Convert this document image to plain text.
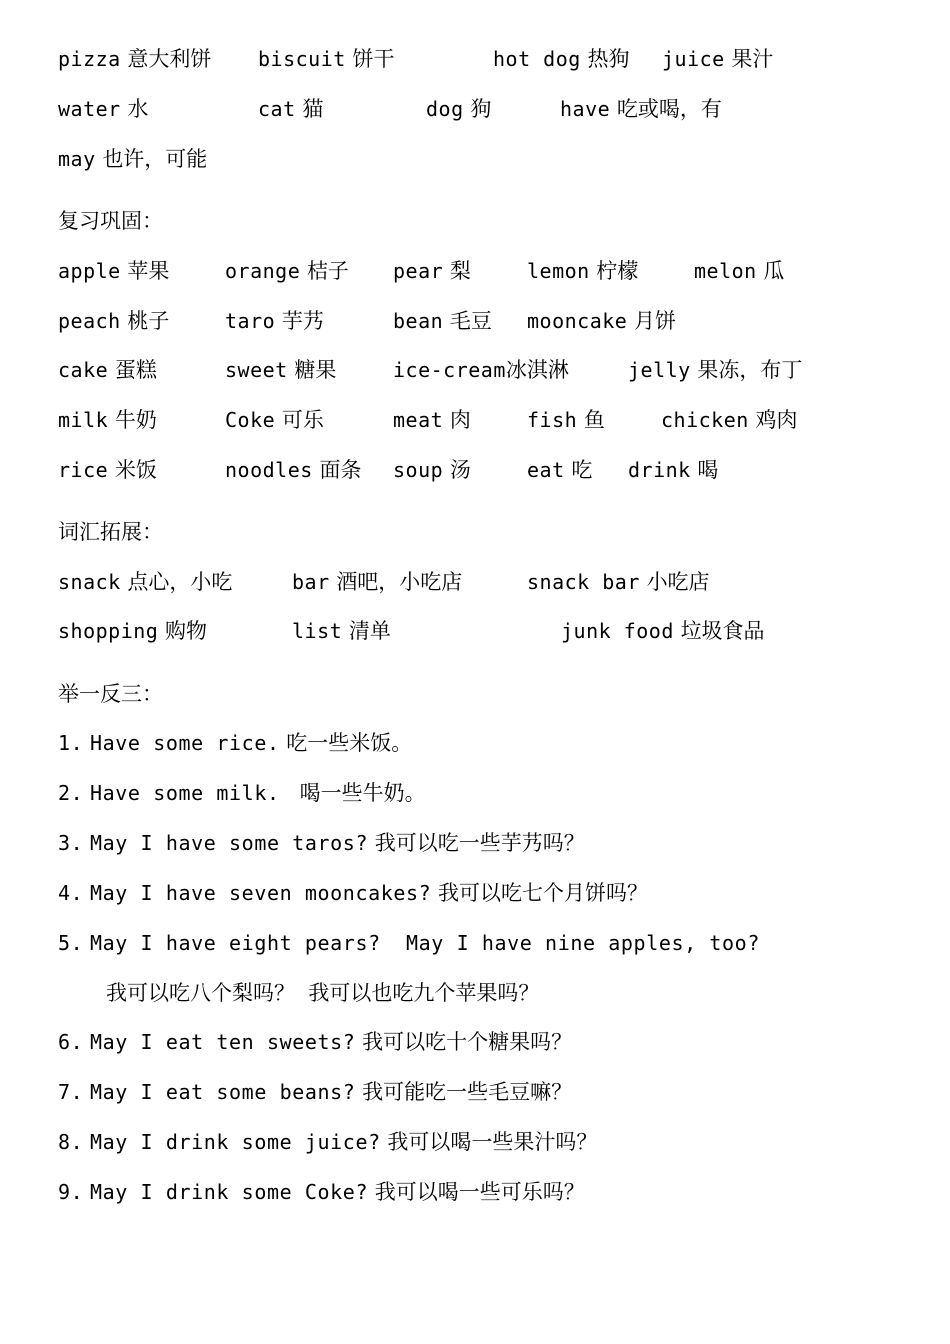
pizza 意大利饼 biscuit 饼干	hot dog 热狗 juice 果汁
water 水	cat 猫	dog 狗	have 吃或喝，有
may 也许，可能
复习巩固：
apple 苹果	orange 桔子 pear 梨	lemon 柠檬	melon 瓜
peach 桃子	taro 芋艿	bean 毛豆 mooncake 月饼
cake 蛋糕	sweet 糖果	ice-cream冰淇淋	jelly 果冻，布丁
milk 牛奶	Coke 可乐	meat 肉	fish 鱼	chicken 鸡肉
rice 米饭	noodles 面条 soup 汤	eat 吃 drink 喝
词汇拓展：
snack 点心，小吃	bar 酒吧，小吃店	snack bar 小吃店
shopping 购物	list 清单	junk food 垃圾食品
举一反三：
1. Have some rice. 吃一些米饭。
2. Have some milk. 喝一些牛奶。
3. May I have some taros? 我可以吃一些芋艿吗？
4. May I have seven mooncakes? 我可以吃七个月饼吗？
5. May I have eight pears?  May I have nine apples, too?
我可以吃八个梨吗？  我可以也吃九个苹果吗？
6. May I eat ten sweets? 我可以吃十个糖果吗？
7. May I eat some beans? 我可能吃一些毛豆嘛？
8. May I drink some juice? 我可以喝一些果汁吗？
9. May I drink some Coke? 我可以喝一些可乐吗？
